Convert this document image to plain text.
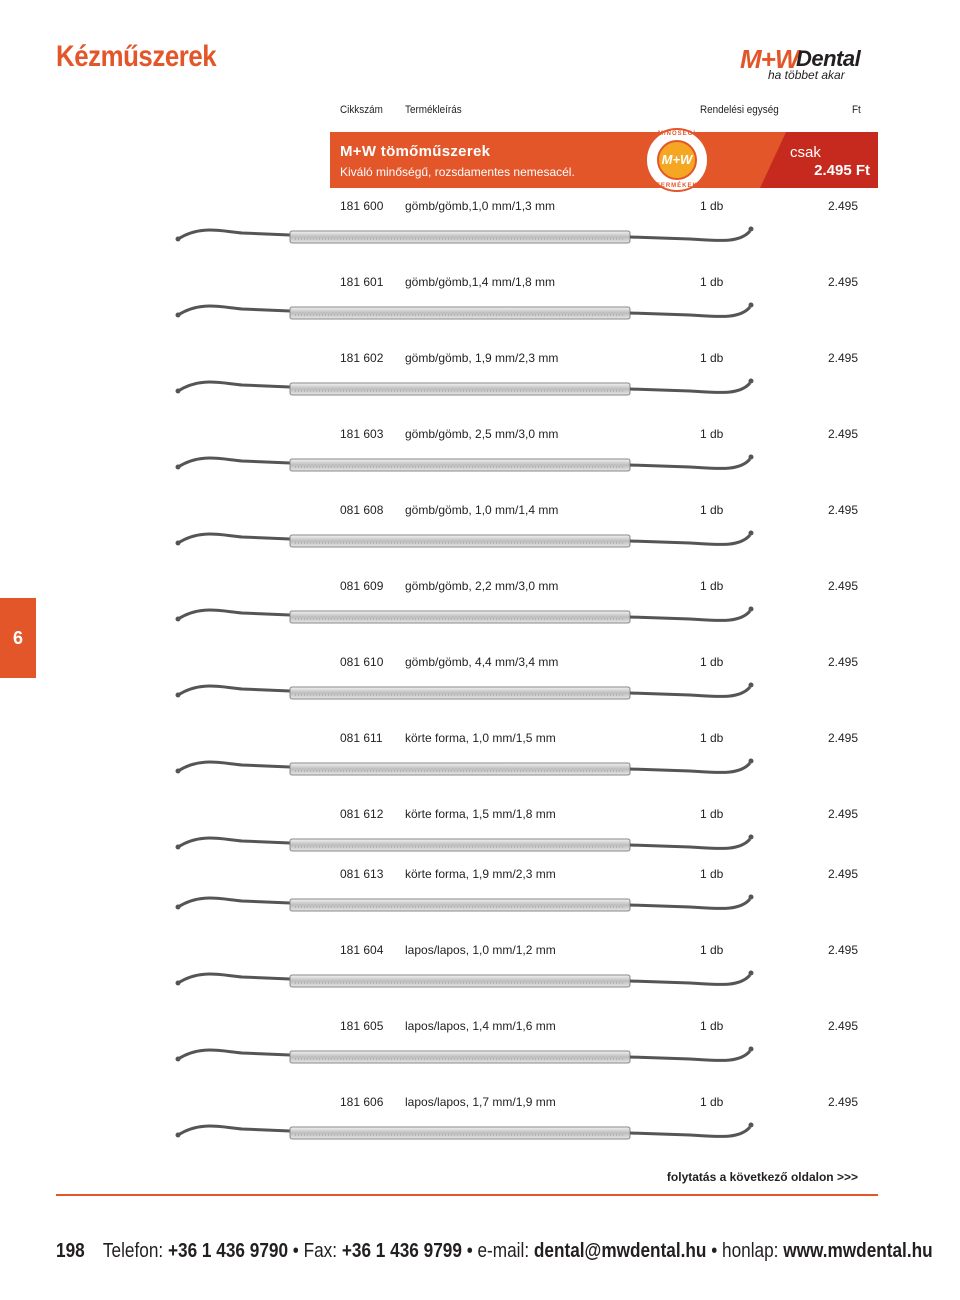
Kézműszerek	M+W
Dental
ha többet akar
Cikkszám Termékleírás	Rendelési egység	Ft
M+W tömőműszerek
Kiváló minőségű, rozsdamentes nemesacél.
MINŐSÉGI
M+W
TERMÉKEK
csak
2.495 Ft
181 600 gömb/gömb,1,0 mm/1,3 mm	1 db	2.495
181 601 gömb/gömb,1,4 mm/1,8 mm	1 db	2.495
181 602 gömb/gömb, 1,9 mm/2,3 mm	1 db	2.495
181 603 gömb/gömb, 2,5 mm/3,0 mm	1 db	2.495
081 608 gömb/gömb, 1,0 mm/1,4 mm	1 db	2.495
081 609 gömb/gömb, 2,2 mm/3,0 mm	1 db	2.495
081 610 gömb/gömb, 4,4 mm/3,4 mm	1 db	2.495
081 611 körte forma, 1,0 mm/1,5 mm	1 db	2.495
081 612 körte forma, 1,5 mm/1,8 mm	1 db	2.495
081 613 körte forma, 1,9 mm/2,3 mm	1 db	2.495
181 604 lapos/lapos, 1,0 mm/1,2 mm	1 db	2.495
181 605 lapos/lapos, 1,4 mm/1,6 mm	1 db	2.495
181 606 lapos/lapos, 1,7 mm/1,9 mm	1 db	2.495
6
folytatás a következő oldalon >>>
198 Telefon: +36 1 436 9790 • Fax: +36 1 436 9799 • e-mail: dental@mwdental.hu • honlap: www.mwdental.hu
